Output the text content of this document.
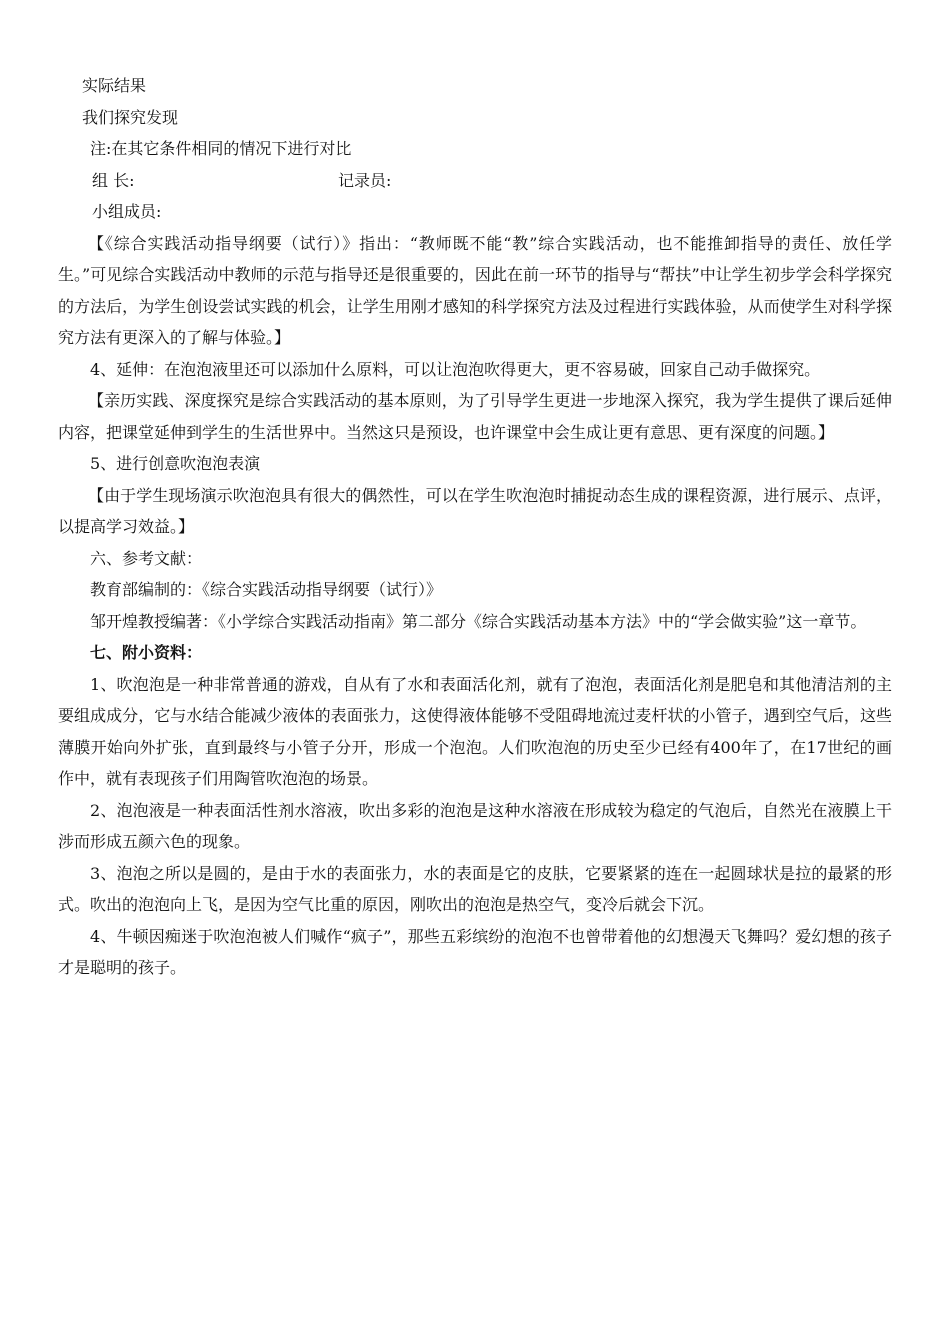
实际结果

我们探究发现

注:在其它条件相同的情况下进行对比

组 长:	记录员:

小组成员:

【《综合实践活动指导纲要（试行）》指出：“教师既不能“教”综合实践活动，也不能推卸指导的责任、放任学生。”可见综合实践活动中教师的示范与指导还是很重要的，因此在前一环节的指导与“帮扶”中让学生初步学会科学探究的方法后，为学生创设尝试实践的机会，让学生用刚才感知的科学探究方法及过程进行实践体验，从而使学生对科学探究方法有更深入的了解与体验。】

4、延伸：在泡泡液里还可以添加什么原料，可以让泡泡吹得更大，更不容易破，回家自己动手做探究。

【亲历实践、深度探究是综合实践活动的基本原则，为了引导学生更进一步地深入探究，我为学生提供了课后延伸内容，把课堂延伸到学生的生活世界中。当然这只是预设，也许课堂中会生成让更有意思、更有深度的问题。】

5、进行创意吹泡泡表演

【由于学生现场演示吹泡泡具有很大的偶然性，可以在学生吹泡泡时捕捉动态生成的课程资源，进行展示、点评，以提高学习效益。】

六、参考文献：

教育部编制的：《综合实践活动指导纲要（试行）》

邹开煌教授编著：《小学综合实践活动指南》第二部分《综合实践活动基本方法》中的“学会做实验”这一章节。

七、附小资料：

1、吹泡泡是一种非常普通的游戏，自从有了水和表面活化剂，就有了泡泡，表面活化剂是肥皂和其他清洁剂的主要组成成分，它与水结合能减少液体的表面张力，这使得液体能够不受阻碍地流过麦杆状的小管子，遇到空气后，这些薄膜开始向外扩张，直到最终与小管子分开，形成一个泡泡。人们吹泡泡的历史至少已经有400年了，在17世纪的画作中，就有表现孩子们用陶管吹泡泡的场景。

2、泡泡液是一种表面活性剂水溶液，吹出多彩的泡泡是这种水溶液在形成较为稳定的气泡后，自然光在液膜上干涉而形成五颜六色的现象。

3、泡泡之所以是圆的，是由于水的表面张力，水的表面是它的皮肤，它要紧紧的连在一起圆球状是拉的最紧的形式。吹出的泡泡向上飞，是因为空气比重的原因，刚吹出的泡泡是热空气，变冷后就会下沉。

4、牛顿因痴迷于吹泡泡被人们喊作“疯子”，那些五彩缤纷的泡泡不也曾带着他的幻想漫天飞舞吗？爱幻想的孩子才是聪明的孩子。
